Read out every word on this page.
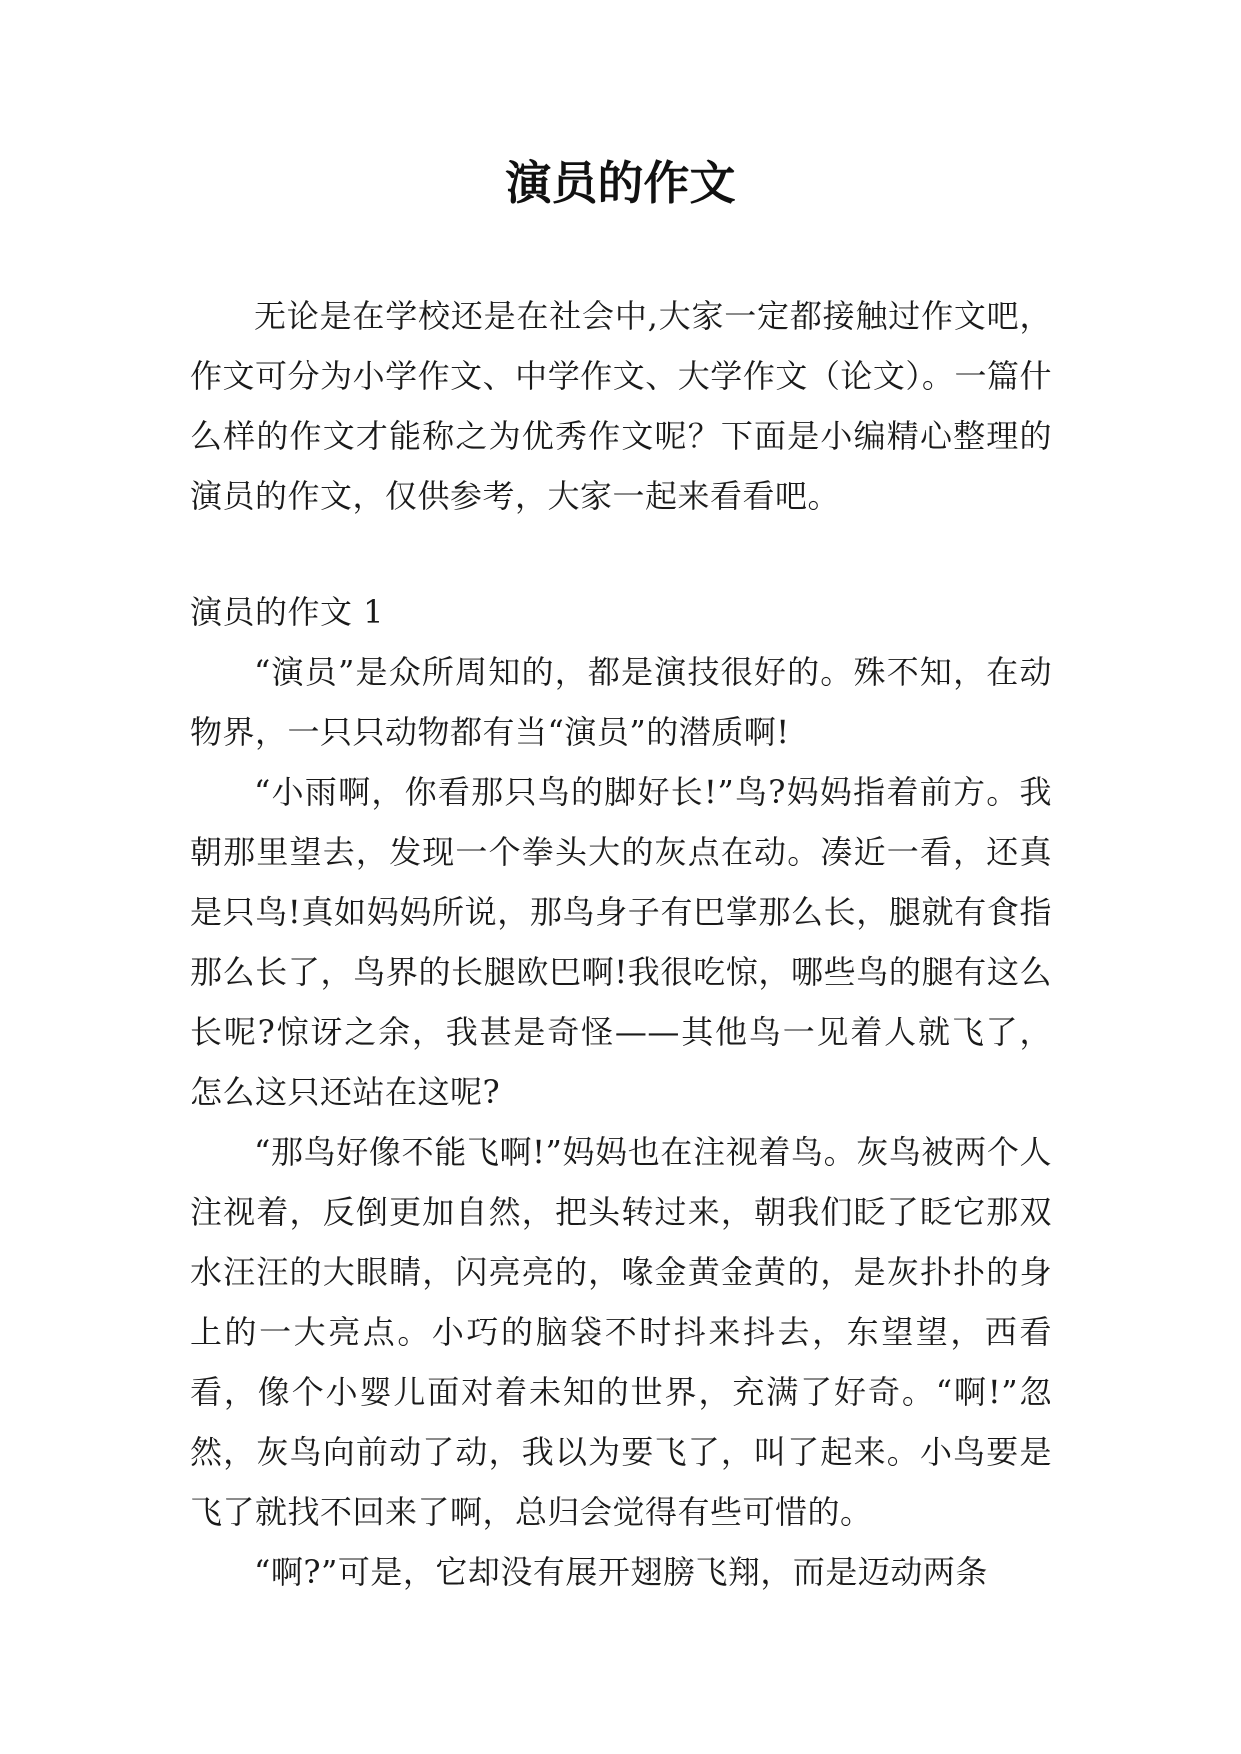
演员的作文

无论是在学校还是在社会中,大家一定都接触过作文吧，作文可分为小学作文、中学作文、大学作文（论文）。一篇什么样的作文才能称之为优秀作文呢？下面是小编精心整理的演员的作文，仅供参考，大家一起来看看吧。

演员的作文 1

“演员”是众所周知的，都是演技很好的。殊不知，在动物界，一只只动物都有当“演员”的潜质啊!

“小雨啊，你看那只鸟的脚好长!”鸟?妈妈指着前方。我朝那里望去，发现一个拳头大的灰点在动。凑近一看，还真是只鸟!真如妈妈所说，那鸟身子有巴掌那么长，腿就有食指那么长了，鸟界的长腿欧巴啊!我很吃惊，哪些鸟的腿有这么长呢?惊讶之余，我甚是奇怪——其他鸟一见着人就飞了，怎么这只还站在这呢?

“那鸟好像不能飞啊!”妈妈也在注视着鸟。灰鸟被两个人注视着，反倒更加自然，把头转过来，朝我们眨了眨它那双水汪汪的大眼睛，闪亮亮的，喙金黄金黄的，是灰扑扑的身上的一大亮点。小巧的脑袋不时抖来抖去，东望望，西看看，像个小婴儿面对着未知的世界，充满了好奇。“啊!”忽然，灰鸟向前动了动，我以为要飞了，叫了起来。小鸟要是飞了就找不回来了啊，总归会觉得有些可惜的。

“啊?”可是，它却没有展开翅膀飞翔，而是迈动两条
